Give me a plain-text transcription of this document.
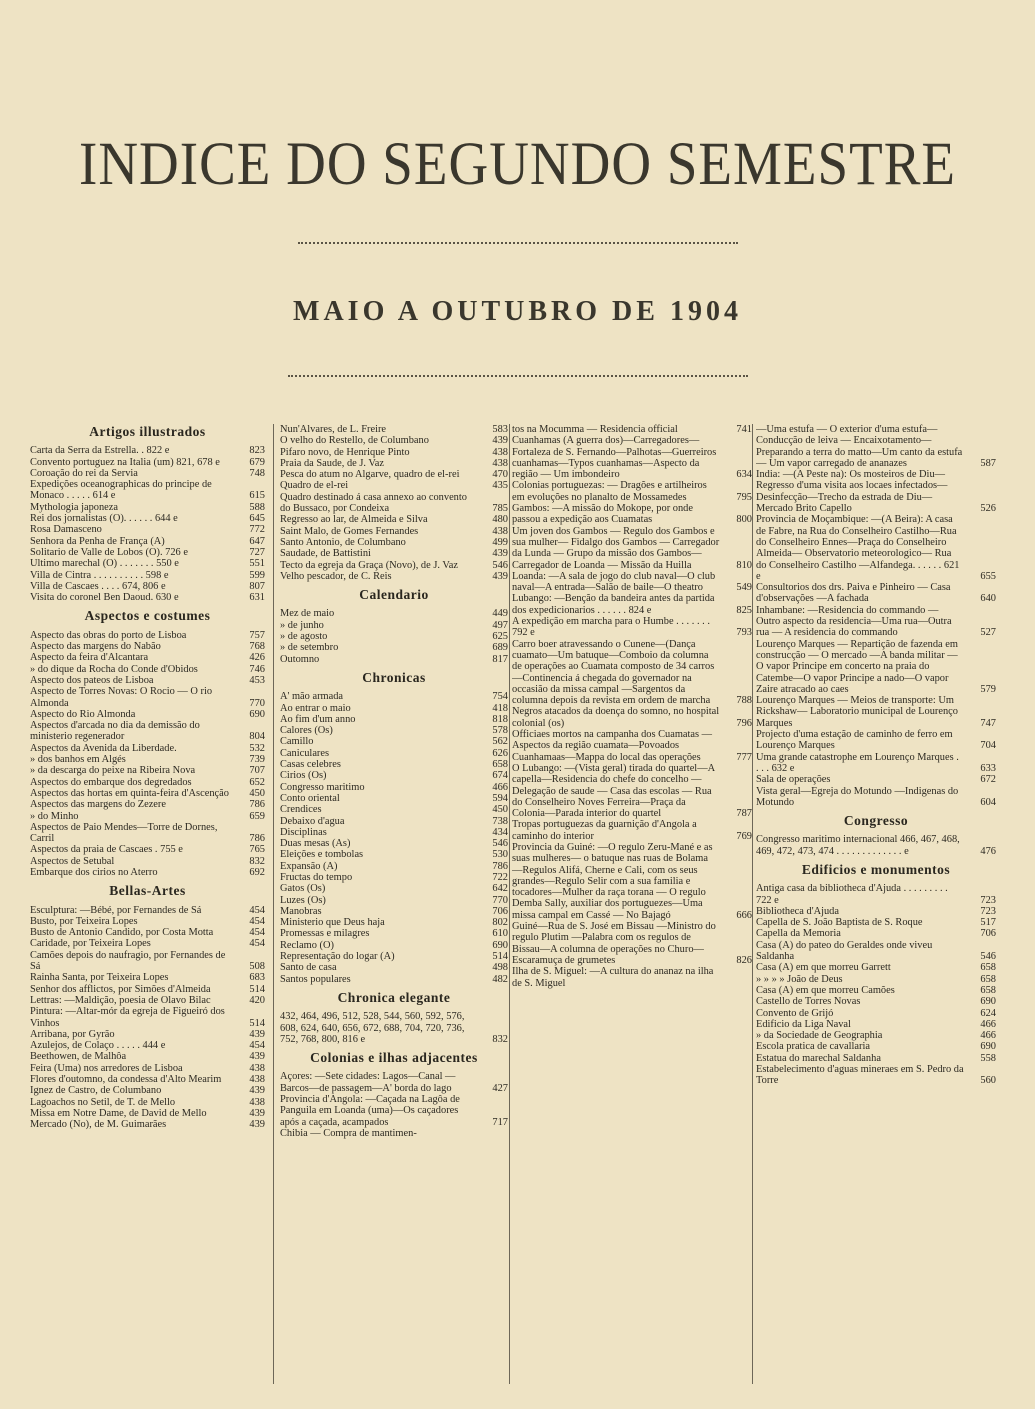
INDICE DO SEGUNDO SEMESTRE
MAIO A OUTUBRO DE 1904
Artigos illustrados
Carta da Serra da Estrella. . 822 e	823
Convento portuguez na Italia (um) 821, 678 e	679
Coroação do rei da Servia	748
Expedições oceanographicas do principe de Monaco . . . . . 614 e	615
Mythologia japoneza	588
Rei dos jornalistas (O). . . . . . 644 e	645
Rosa Damasceno	772
Senhora da Penha de França (A)	647
Solitario de Valle de Lobos (O). 726 e	727
Ultimo marechal (O) . . . . . . . 550 e	551
Villa de Cintra . . . . . . . . . . 598 e	599
Villa de Cascaes . . . . 674, 806 e	807
Visita do coronel Ben Daoud. 630 e	631
Aspectos e costumes
Aspecto das obras do porto de Lisboa	757
Aspecto das margens do Nabão	768
Aspecto da feira d'Alcantara	426
» do dique da Rocha do Conde d'Obidos	746
Aspecto dos pateos de Lisboa	453
Aspecto de Torres Novas: O Rocio — O rio Almonda	770
Aspecto do Rio Almonda	690
Aspectos d'arcada no dia da demissão do ministerio regenerador	804
Aspectos da Avenida da Liberdade.	532
» dos banhos em Algés	739
» da descarga do peixe na Ribeira Nova	707
Aspectos do embarque dos degredados	652
Aspectos das hortas em quinta-feira d'Ascenção	450
Aspectos das margens do Zezere	786
» do Minho	659
Aspectos de Paio Mendes—Torre de Dornes, Carril	786
Aspectos da praia de Cascaes . 755 e	765
Aspectos de Setubal	832
Embarque dos cirios no Aterro	692
Bellas-Artes
Esculptura: —Bébé, por Fernandes de Sá	454
Busto, por Teixeira Lopes	454
Busto de Antonio Candido, por Costa Motta	454
Caridade, por Teixeira Lopes	454
Camões depois do naufragio, por Fernandes de Sá	508
Rainha Santa, por Teixeira Lopes	683
Senhor dos afflictos, por Simões d'Almeida	514
Lettras: —Maldição, poesia de Olavo Bilac	420
Pintura: —Altar-mór da egreja de Figueiró dos Vinhos	514
Arribana, por Gyrão	439
Azulejos, de Colaço . . . . . 444 e	454
Beethowen, de Malhôa	439
Feira (Uma) nos arredores de Lisboa	438
Flores d'outomno, da condessa d'Alto Mearim	438
Ignez de Castro, de Columbano	439
Lagoachos no Setil, de T. de Mello	438
Missa em Notre Dame, de David de Mello	439
Mercado (No), de M. Guimarães	439
Nun'Alvares, de L. Freire	583
O velho do Restello, de Columbano	439
Pifaro novo, de Henrique Pinto	438
Praia da Saude, de J. Vaz	438
Pesca do atum no Algarve, quadro de el-rei	470
Quadro de el-rei	435
Quadro destinado á casa annexo ao convento do Bussaco, por Condeixa	785
Regresso ao lar, de Almeida e Silva	480
Saint Malo, de Gomes Fernandes	438
Santo Antonio, de Columbano	499
Saudade, de Battistini	439
Tecto da egreja da Graça (Novo), de J. Vaz	546
Velho pescador, de C. Reis	439
Calendario
Mez de maio	449
» de junho	497
» de agosto	625
» de setembro	689
Outomno	817
Chronicas
A' mão armada	754
Ao entrar o maio	418
Ao fim d'um anno	818
Calores (Os)	578
Camillo	562
Caniculares	626
Casas celebres	658
Cirios (Os)	674
Congresso maritimo	466
Conto oriental	594
Crendices	450
Debaixo d'agua	738
Disciplinas	434
Duas mesas (As)	546
Eleições e tombolas	530
Expansão (A)	786
Fructas do tempo	722
Gatos (Os)	642
Luzes (Os)	770
Manobras	706
Ministerio que Deus haja	802
Promessas e milagres	610
Reclamo (O)	690
Representação do logar (A)	514
Santo de casa	498
Santos populares	482
Chronica elegante
432, 464, 496, 512, 528, 544, 560, 592, 576, 608, 624, 640, 656, 672, 688, 704, 720, 736, 752, 768, 800, 816 e	832
Colonias e ilhas adjacentes
Açores: —Sete cidades: Lagos—Canal —Barcos—de passagem—A' borda do lago	427
Provincia d'Angola: —Caçada na Lagôa de Panguila em Loanda (uma)—Os caçadores após a caçada, acampados	717
Chibia — Compra de mantimen-
tos na Mocumma — Residencia official	741
Cuanhamas (A guerra dos)—Carregadores—Fortaleza de S. Fernando—Palhotas—Guerreiros cuanhamas—Typos cuanhamas—Aspecto da região — Um imbondeiro	634
Colonias portuguezas: — Dragões e artilheiros em evoluções no planalto de Mossamedes	795
Gambos: —A missão do Mokope, por onde passou a expedição aos Cuamatas	800
Um joven dos Gambos — Regulo dos Gambos e sua mulher— Fidalgo dos Gambos — Carregador da Lunda — Grupo da missão dos Gambos—Carregador de Loanda — Missão da Huilla	810
Loanda: —A sala de jogo do club naval—O club naval—A entrada—Salão de baile—O theatro	549
Lubango: —Benção da bandeira antes da partida dos expedicionarios . . . . . . 824 e	825
A expedição em marcha para o Humbe . . . . . . . 792 e	793
Carro boer atravessando o Cunene—(Dança cuamato—Um batuque—Comboio da columna de operações ao Cuamata composto de 34 carros—Continencia á chegada do governador na occasião da missa campal —Sargentos da columna depois da revista em ordem de marcha	788
Negros atacados da doença do somno, no hospital colonial (os)	796
Officiaes mortos na campanha dos Cuamatas —Aspectos da região cuamata—Povoados Cuanhamaas—Mappa do local das operações	777
O Lubango: —(Vista geral) tirada do quartel—A capella—Residencia do chefe do concelho —Delegação de saude — Casa das escolas — Rua do Conselheiro Noves Ferreira—Praça da Colonia—Parada interior do quartel	787
Tropas portuguezas da guarnição d'Angola a caminho do interior	769
Provincia da Guiné: —O regulo Zeru-Mané e as suas mulheres— o batuque nas ruas de Bolama —Regulos Alifá, Cherne e Cali, com os seus grandes—Regulo Selir com a sua familia e tocadores—Mulher da raça torana — O regulo Demba Sally, auxiliar dos portuguezes—Uma missa campal em Cassé — No Bajagó	666
Guiné—Rua de S. José em Bissau —Ministro do regulo Plutim —Palabra com os regulos de Bissau—A columna de operações no Churo—Escaramuça de grumetes	826
Ilha de S. Miguel: —A cultura do ananaz na ilha de S. Miguel
—Uma estufa — O exterior d'uma estufa—Conducção de leiva — Encaixotamento—Preparando a terra do matto—Um canto da estufa — Um vapor carregado de ananazes	587
India: —(A Peste na): Os mosteiros de Diu—Regresso d'uma visita aos locaes infectados—Desinfecção—Trecho da estrada de Diu—Mercado Brito Capello	526
Provincia de Moçambique: —(A Beira): A casa de Fabre, na Rua do Conselheiro Castilho—Rua do Conselheiro Ennes—Praça do Conselheiro Almeida— Observatorio meteorologico— Rua do Conselheiro Castilho —Alfandega. . . . . . 621 e	655
Consultorios dos drs. Paiva e Pinheiro — Casa d'observações —A fachada	640
Inhambane: —Residencia do commando — Outro aspecto da residencia—Uma rua—Outra rua — A residencia do commando	527
Lourenço Marques — Repartição de fazenda em construcção — O mercado —A banda militar — O vapor Principe em concerto na praia do Catembe—O vapor Principe a nado—O vapor Zaire atracado ao caes	579
Lourenço Marques — Meios de transporte: Um Rickshaw— Laboratorio municipal de Lourenço Marques	747
Projecto d'uma estação de caminho de ferro em Lourenço Marques	704
Uma grande catastrophe em Lourenço Marques . . . . 632 e	633
Sala de operações	672
Vista geral—Egreja do Motundo —Indigenas do Motundo	604
Congresso
Congresso maritimo internacional 466, 467, 468, 469, 472, 473, 474 . . . . . . . . . . . . . e	476
Edificios e monumentos
Antiga casa da bibliotheca d'Ajuda . . . . . . . . . 722 e	723
Bibliotheca d'Ajuda	723
Capella de S. João Baptista de S. Roque	517
Capella da Memoria	706
Casa (A) do pateo do Geraldes onde viveu Saldanha	546
Casa (A) em que morreu Garrett	658
» » » » João de Deus	658
Casa (A) em que morreu Camões	658
Castello de Torres Novas	690
Convento de Grijó	624
Edificio da Liga Naval	466
» da Sociedade de Geographia	466
Escola pratica de cavallaria	690
Estatua do marechal Saldanha	558
Estabelecimento d'aguas mineraes em S. Pedro da Torre	560
